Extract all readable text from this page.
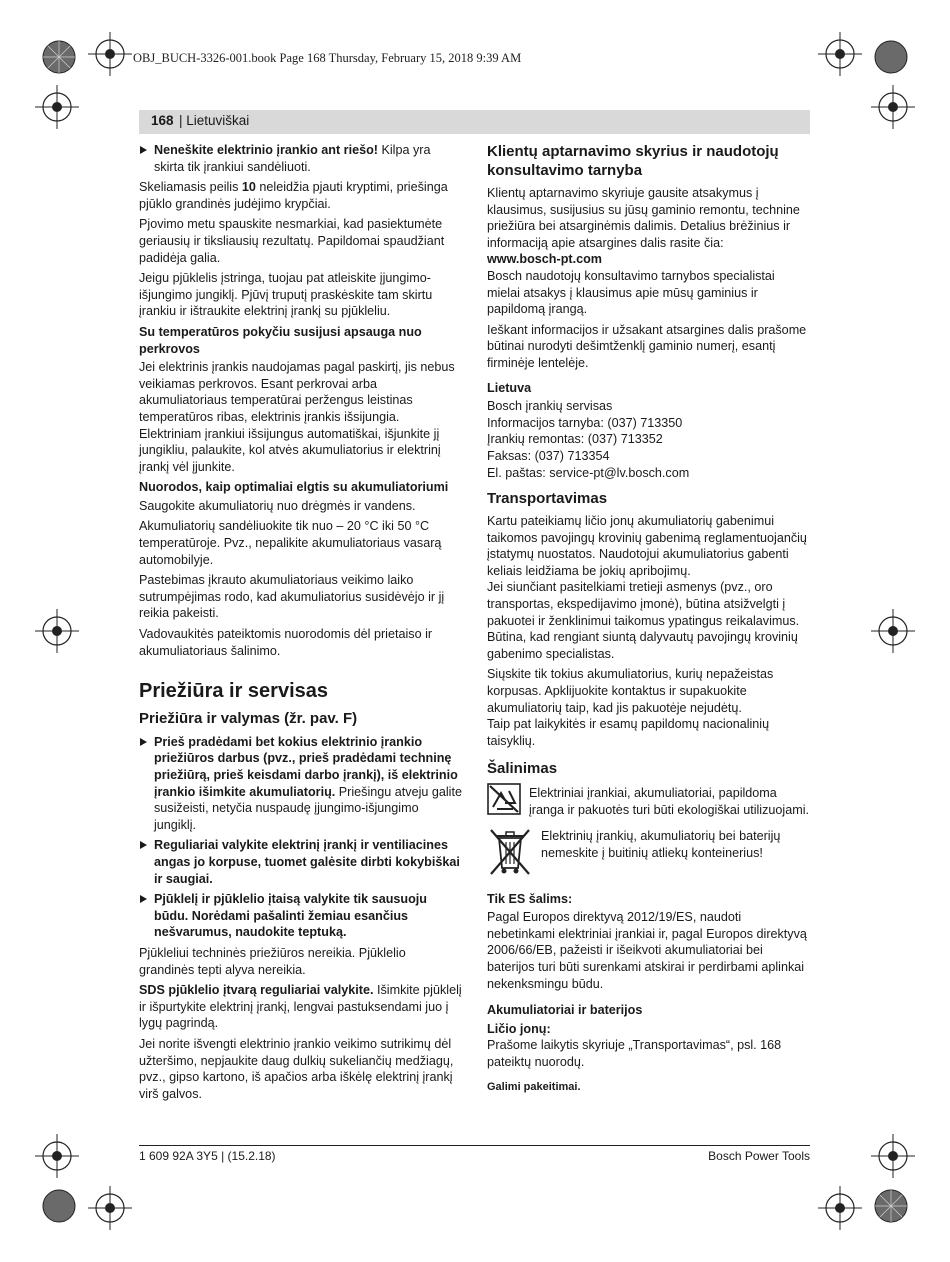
OBJ_BUCH-3326-001.book Page 168 Thursday, February 15, 2018 9:39 AM
168 | Lietuviškai
Neneškite elektrinio įrankio ant riešo! Kilpa yra skirta tik įrankiui sandėliuoti.

Skeliamasis peilis 10 neleidžia pjauti kryptimi, priešinga pjūklo grandinės judėjimo krypčiai.

Pjovimo metu spauskite nesmarkiai, kad pasiektumėte geriausių ir tiksliausių rezultatų. Papildomai spaudžiant padidėja galia.

Jeigu pjūklelis įstringa, tuojau pat atleiskite įjungimo-išjungimo jungiklį. Pjūvį truputį praskėskite tam skirtu įrankiu ir ištraukite elektrinį įrankį su pjūkleliu.

Su temperatūros pokyčiu susijusi apsauga nuo perkrovos

Jei elektrinis įrankis naudojamas pagal paskirtį, jis nebus veikiamas perkrovos. Esant perkrovai arba akumuliatoriaus temperatūrai peržengus leistinas temperatūros ribas, elektrinis įrankis išsijungia. Elektriniam įrankiui išsijungus automatiškai, išjunkite jį jungikliu, palaukite, kol atvės akumuliatorius ir elektrinį įrankį vėl įjunkite.

Nuorodos, kaip optimaliai elgtis su akumuliatoriumi

Saugokite akumuliatorių nuo drėgmės ir vandens.

Akumuliatorių sandėliuokite tik nuo – 20 °C iki 50 °C temperatūroje. Pvz., nepalikite akumuliatoriaus vasarą automobilyje.

Pastebimas įkrauto akumuliatoriaus veikimo laiko sutrumpėjimas rodo, kad akumuliatorius susidėvėjo ir jį reikia pakeisti.

Vadovaukitės pateiktomis nuorodomis dėl prietaiso ir akumuliatoriaus šalinimo.

Priežiūra ir servisas
Priežiūra ir valymas (žr. pav. F)
Prieš pradėdami bet kokius elektrinio įrankio priežiūros darbus (pvz., prieš pradėdami techninę priežiūrą, prieš keisdami darbo įrankį), iš elektrinio įrankio išimkite akumuliatorių. Priešingu atveju galite susižeisti, netyčia nuspaudę įjungimo-išjungimo jungiklį.
Reguliariai valykite elektrinį įrankį ir ventiliacines angas jo korpuse, tuomet galėsite dirbti kokybiškai ir saugiai.
Pjūklelį ir pjūklelio įtaisą valykite tik sausuoju būdu. Norėdami pašalinti žemiau esančius nešvarumus, naudokite teptuką.

Pjūkleliui techninės priežiūros nereikia. Pjūklelio grandinės tepti alyva nereikia.

SDS pjūklelio įtvarą reguliariai valykite. Išimkite pjūklelį ir išpurtykite elektrinį įrankį, lengvai pastuksendami juo į lygų pagrindą.

Jei norite išvengti elektrinio įrankio veikimo sutrikimų dėl užteršimo, nepjaukite daug dulkių sukeliančių medžiagų, pvz., gipso kartono, iš apačios arba iškėlę elektrinį įrankį virš galvos.

Klientų aptarnavimo skyrius ir naudotojų konsultavimo tarnyba

Klientų aptarnavimo skyriuje gausite atsakymus į klausimus, susijusius su jūsų gaminio remontu, technine priežiūra bei atsarginėmis dalimis. Detalius brėžinius ir informaciją apie atsargines dalis rasite čia:

www.bosch-pt.com

Bosch naudotojų konsultavimo tarnybos specialistai mielai atsakys į klausimus apie mūsų gaminius ir papildomą įrangą.

Ieškant informacijos ir užsakant atsargines dalis prašome būtinai nurodyti dešimtženklį gaminio numerį, esantį firminėje lentelėje.

Lietuva
Bosch įrankių servisas
Informacijos tarnyba: (037) 713350
Įrankių remontas: (037) 713352
Faksas: (037) 713354
El. paštas: service-pt@lv.bosch.com
Transportavimas

Kartu pateikiamų ličio jonų akumuliatorių gabenimui taikomos pavojingų krovinių gabenimą reglamentuojančių įstatymų nuostatos. Naudotojui akumuliatorius gabenti keliais leidžiama be jokių apribojimų.

Jei siunčiant pasitelkiami tretieji asmenys (pvz., oro transportas, ekspedijavimo įmonė), būtina atsižvelgti į pakuotei ir ženklinimui taikomus ypatingus reikalavimus. Būtina, kad rengiant siuntą dalyvautų pavojingų krovinių gabenimo specialistas.

Siųskite tik tokius akumuliatorius, kurių nepažeistas korpusas. Apklijuokite kontaktus ir supakuokite akumuliatorių taip, kad jis pakuotėje nejudėtų.

Taip pat laikykitės ir esamų papildomų nacionalinių taisyklių.

Šalinimas
Elektriniai įrankiai, akumuliatoriai, papildoma įranga ir pakuotės turi būti ekologiškai utilizuojami.
Elektrinių įrankių, akumuliatorių bei baterijų nemeskite į buitinių atliekų konteinerius!
Tik ES šalims:

Pagal Europos direktyvą 2012/19/ES, naudoti nebetinkami elektriniai įrankiai ir, pagal Europos direktyvą 2006/66/EB, pažeisti ir išeikvoti akumuliatoriai bei baterijos turi būti surenkami atskirai ir perdirbami aplinkai nekenksmingu būdu.

Akumuliatoriai ir baterijos
Ličio jonų:

Prašome laikytis skyriuje „Transportavimas“, psl. 168 pateiktų nuorodų.

Galimi pakeitimai.
1 609 92A 3Y5 | (15.2.18)	Bosch Power Tools
